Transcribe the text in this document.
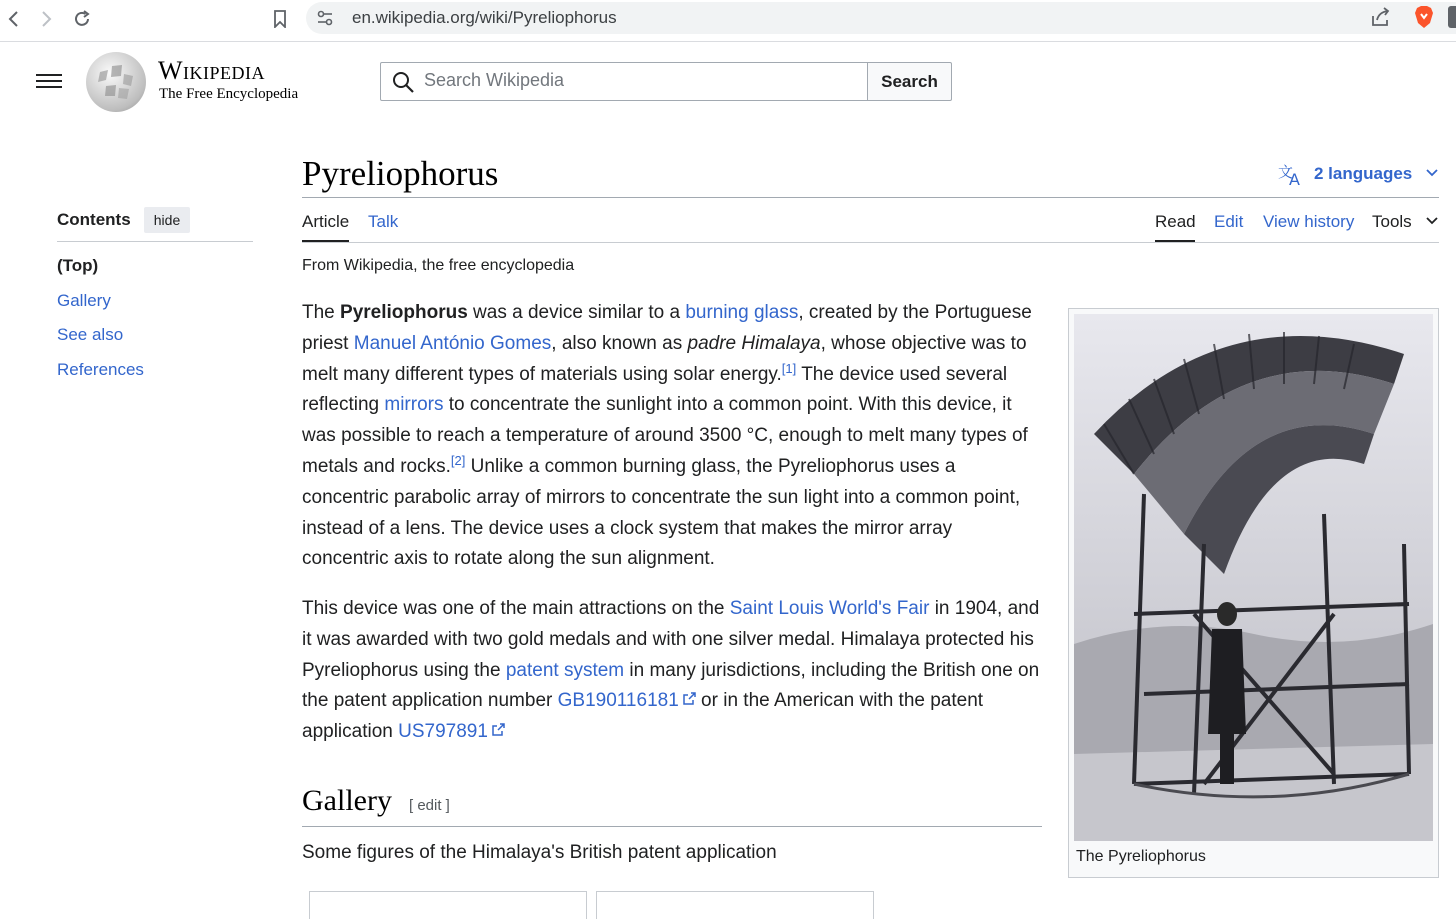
en.wikipedia.org/wiki/Pyreliophorus
Wikipedia
The Free Encyclopedia
Search Wikipedia
Search
Contents	hide
(Top)
Gallery
See also
References
Pyreliophorus	文
A 2 languages
Article Talk	Read Edit View history Tools
From Wikipedia, the free encyclopedia

The Pyreliophorus was a device similar to a burning glass, created by the Portuguese priest Manuel António Gomes, also known as padre Himalaya, whose objective was to melt many different types of materials using solar energy.[1] The device used several reflecting mirrors to concentrate the sunlight into a common point. With this device, it was possible to reach a temperature of around 3500 °C, enough to melt many types of metals and rocks.[2] Unlike a common burning glass, the Pyreliophorus uses a concentric parabolic array of mirrors to concentrate the sun light into a common point, instead of a lens. The device uses a clock system that makes the mirror array concentric axis to rotate along the sun alignment.

This device was one of the main attractions on the Saint Louis World's Fair in 1904, and it was awarded with two gold medals and with one silver medal. Himalaya protected his Pyreliophorus using the patent system in many jurisdictions, including the British one on the patent application number GB190116181 or in the American with the patent application US797891

The Pyreliophorus
Gallery [ edit ]
Some figures of the Himalaya's British patent application
